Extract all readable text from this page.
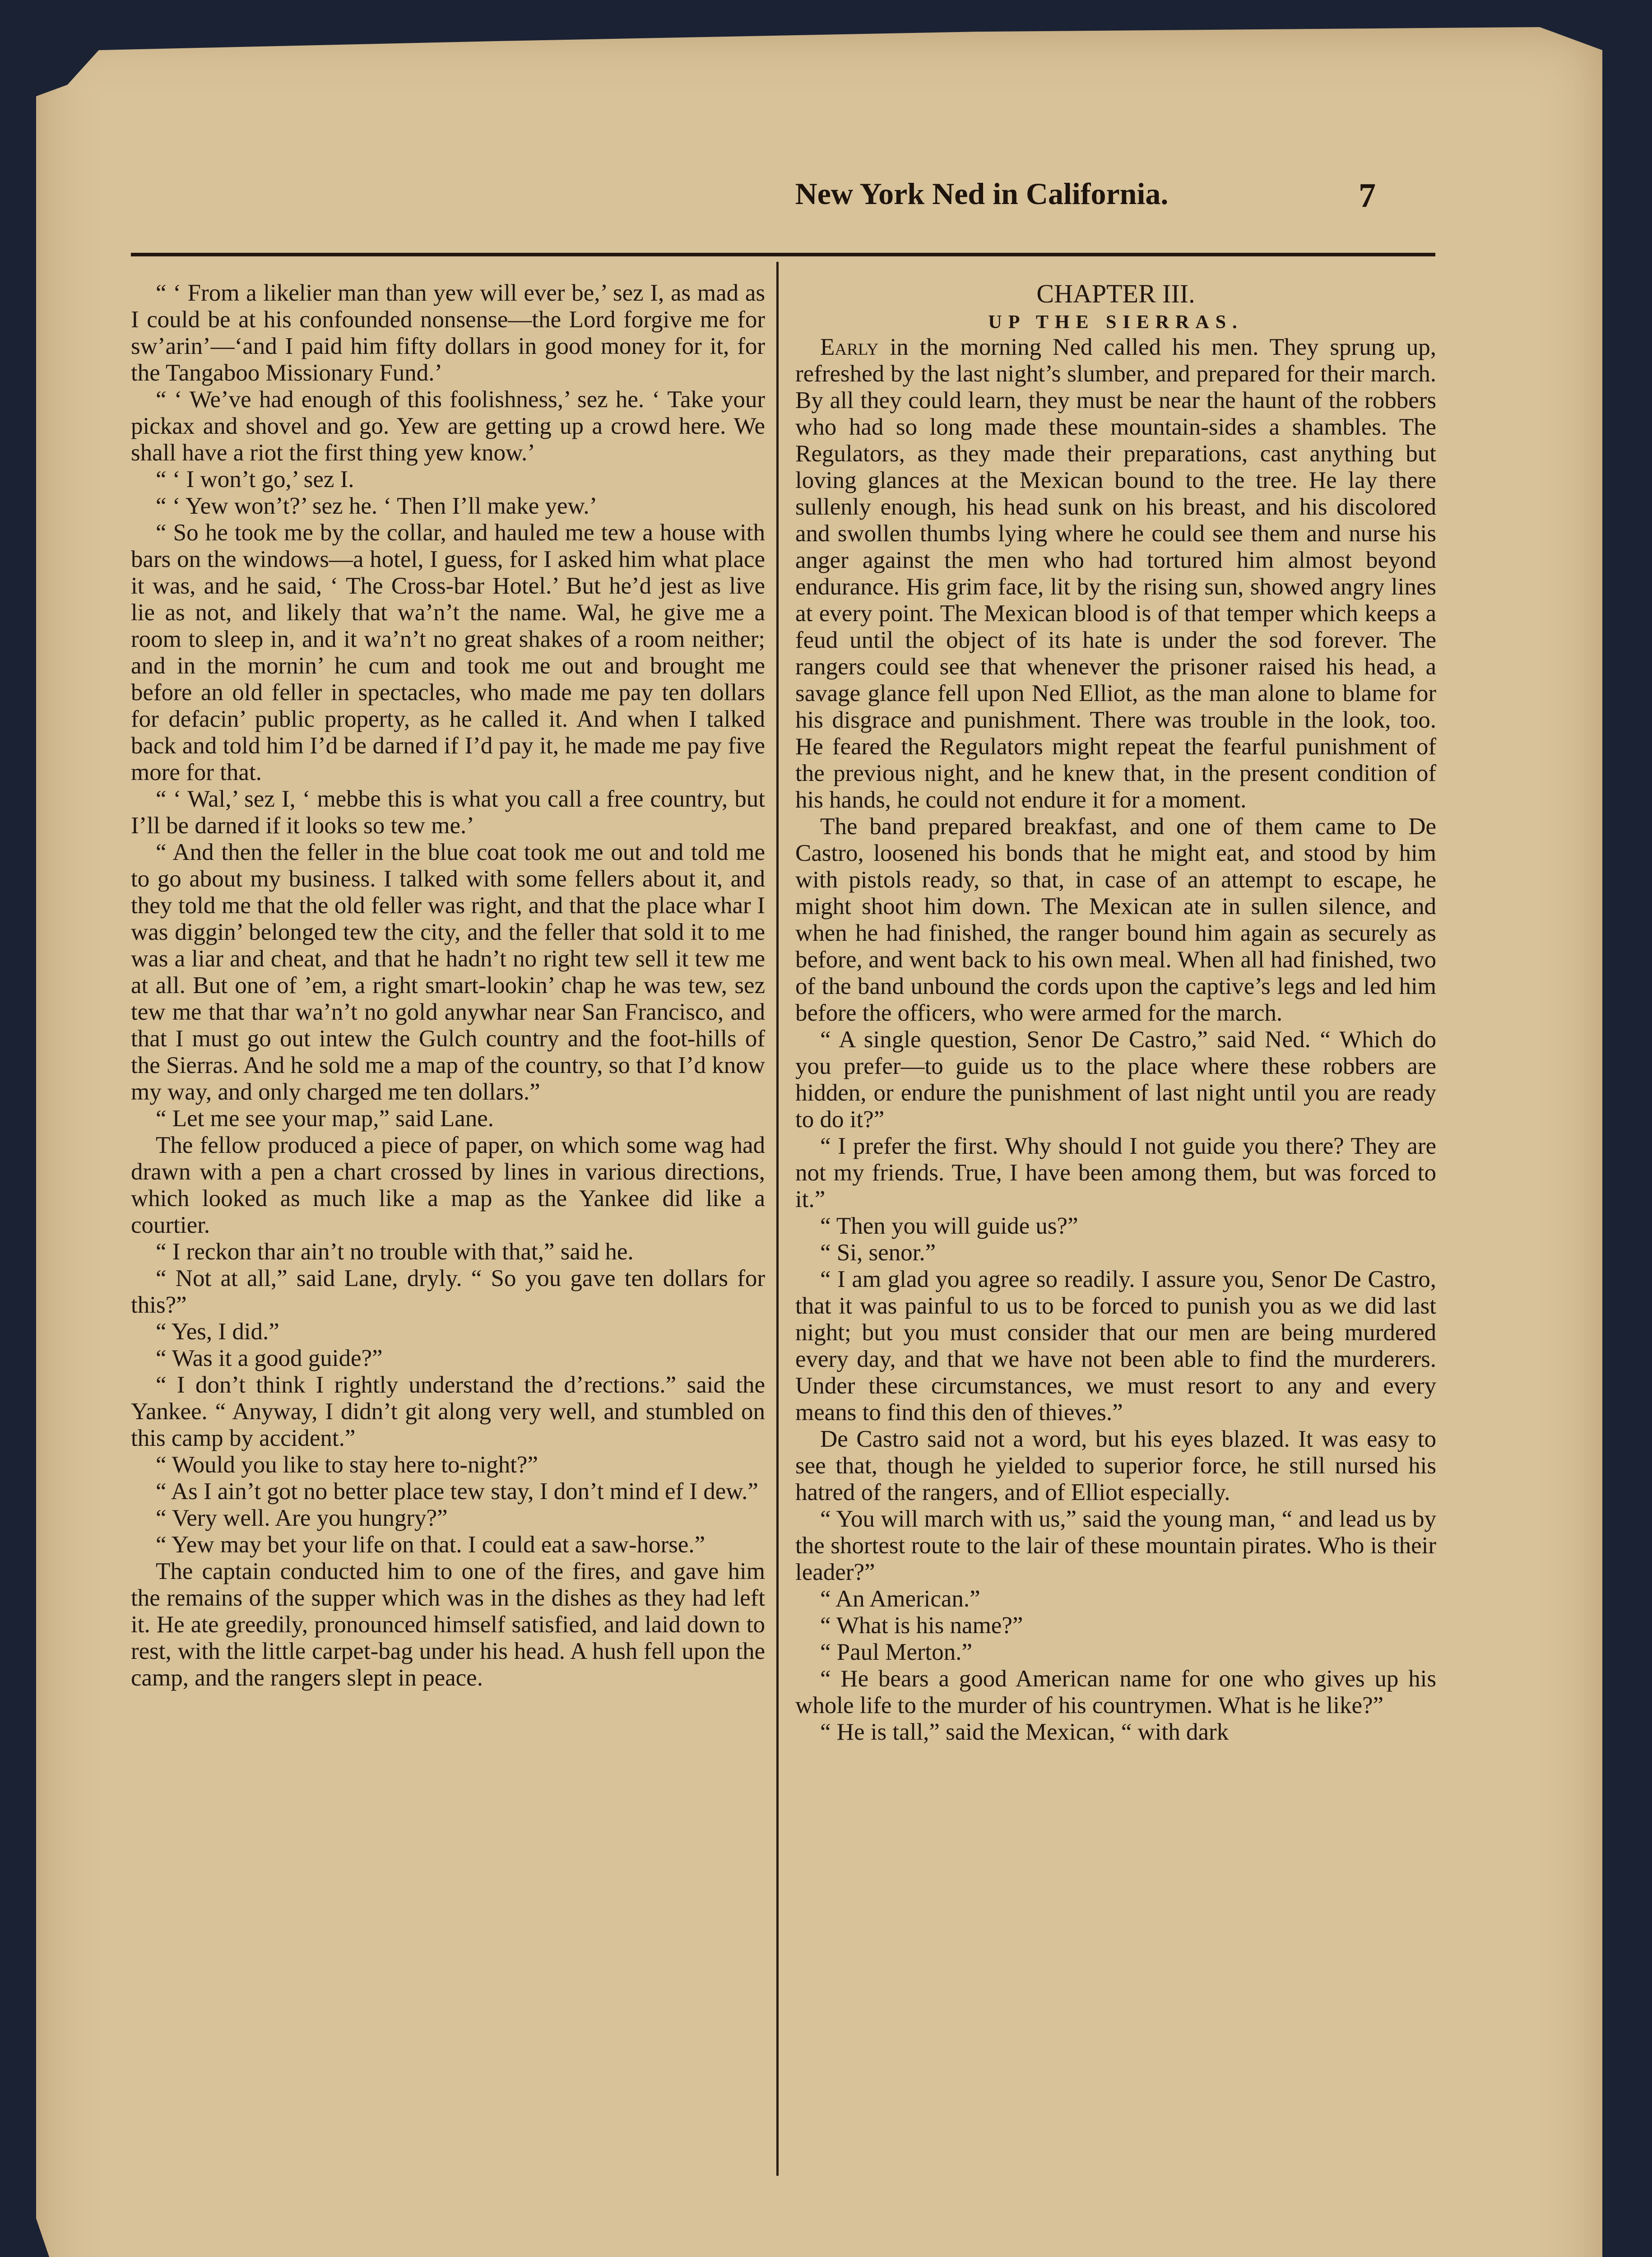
New York Ned in California.	7

“ ‘ From a likelier man than yew will ever be,’ sez I, as mad as I could be at his confounded nonsense—the Lord forgive me for sw’arin’—‘and I paid him fifty dollars in good money for it, for the Tangaboo Missionary Fund.’

“ ‘ We’ve had enough of this foolishness,’ sez he. ‘ Take your pickax and shovel and go. Yew are getting up a crowd here. We shall have a riot the first thing yew know.’

“ ‘ I won’t go,’ sez I.

“ ‘ Yew won’t?’ sez he. ‘ Then I’ll make yew.’

“ So he took me by the collar, and hauled me tew a house with bars on the windows—a hotel, I guess, for I asked him what place it was, and he said, ‘ The Cross-bar Hotel.’ But he’d jest as live lie as not, and likely that wa’n’t the name. Wal, he give me a room to sleep in, and it wa’n’t no great shakes of a room neither; and in the mornin’ he cum and took me out and brought me before an old feller in spectacles, who made me pay ten dollars for defacin’ public property, as he called it. And when I talked back and told him I’d be darned if I’d pay it, he made me pay five more for that.

“ ‘ Wal,’ sez I, ‘ mebbe this is what you call a free country, but I’ll be darned if it looks so tew me.’

“ And then the feller in the blue coat took me out and told me to go about my business. I talked with some fellers about it, and they told me that the old feller was right, and that the place whar I was diggin’ belonged tew the city, and the feller that sold it to me was a liar and cheat, and that he hadn’t no right tew sell it tew me at all. But one of ’em, a right smart-lookin’ chap he was tew, sez tew me that thar wa’n’t no gold anywhar near San Francisco, and that I must go out intew the Gulch country and the foot-hills of the Sierras. And he sold me a map of the country, so that I’d know my way, and only charged me ten dollars.”

“ Let me see your map,” said Lane.

The fellow produced a piece of paper, on which some wag had drawn with a pen a chart crossed by lines in various directions, which looked as much like a map as the Yankee did like a courtier.

“ I reckon thar ain’t no trouble with that,” said he.

“ Not at all,” said Lane, dryly. “ So you gave ten dollars for this?”

“ Yes, I did.”

“ Was it a good guide?”

“ I don’t think I rightly understand the d’rections.” said the Yankee. “ Anyway, I didn’t git along very well, and stumbled on this camp by accident.”

“ Would you like to stay here to-night?”

“ As I ain’t got no better place tew stay, I don’t mind ef I dew.”

“ Very well. Are you hungry?”

“ Yew may bet your life on that. I could eat a saw-horse.”

The captain conducted him to one of the fires, and gave him the remains of the supper which was in the dishes as they had left it. He ate greedily, pronounced himself satisfied, and laid down to rest, with the little carpet-bag under his head. A hush fell upon the camp, and the rangers slept in peace.

CHAPTER III.
UP THE SIERRAS.

Early in the morning Ned called his men. They sprung up, refreshed by the last night’s slumber, and prepared for their march. By all they could learn, they must be near the haunt of the robbers who had so long made these mountain-sides a shambles. The Regulators, as they made their preparations, cast anything but loving glances at the Mexican bound to the tree. He lay there sullenly enough, his head sunk on his breast, and his discolored and swollen thumbs lying where he could see them and nurse his anger against the men who had tortured him almost beyond endurance. His grim face, lit by the rising sun, showed angry lines at every point. The Mexican blood is of that temper which keeps a feud until the object of its hate is under the sod forever. The rangers could see that whenever the prisoner raised his head, a savage glance fell upon Ned Elliot, as the man alone to blame for his disgrace and punishment. There was trouble in the look, too. He feared the Regulators might repeat the fearful punishment of the previous night, and he knew that, in the present condition of his hands, he could not endure it for a moment.

The band prepared breakfast, and one of them came to De Castro, loosened his bonds that he might eat, and stood by him with pistols ready, so that, in case of an attempt to escape, he might shoot him down. The Mexican ate in sullen silence, and when he had finished, the ranger bound him again as securely as before, and went back to his own meal. When all had finished, two of the band unbound the cords upon the captive’s legs and led him before the officers, who were armed for the march.

“ A single question, Senor De Castro,” said Ned. “ Which do you prefer—to guide us to the place where these robbers are hidden, or endure the punishment of last night until you are ready to do it?”

“ I prefer the first. Why should I not guide you there? They are not my friends. True, I have been among them, but was forced to it.”

“ Then you will guide us?”

“ Si, senor.”

“ I am glad you agree so readily. I assure you, Senor De Castro, that it was painful to us to be forced to punish you as we did last night; but you must consider that our men are being murdered every day, and that we have not been able to find the murderers. Under these circumstances, we must resort to any and every means to find this den of thieves.”

De Castro said not a word, but his eyes blazed. It was easy to see that, though he yielded to superior force, he still nursed his hatred of the rangers, and of Elliot especially.

“ You will march with us,” said the young man, “ and lead us by the shortest route to the lair of these mountain pirates. Who is their leader?”

“ An American.”

“ What is his name?”

“ Paul Merton.”

“ He bears a good American name for one who gives up his whole life to the murder of his countrymen. What is he like?”

“ He is tall,” said the Mexican, “ with dark
